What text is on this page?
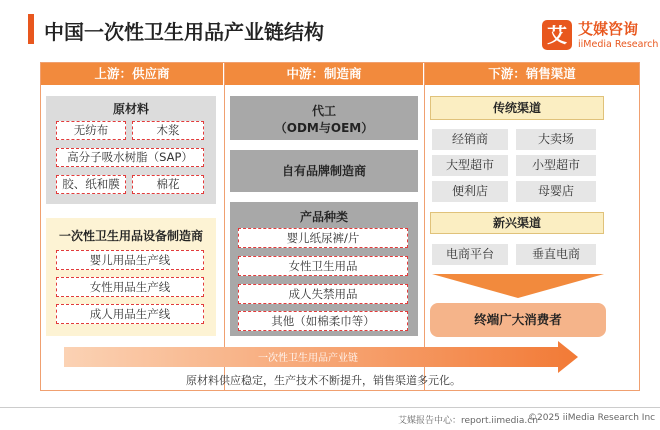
中国一次性卫生用品产业链结构	艾 艾媒咨询
iiMedia Research
上游：供应商	中游：制造商	下游：销售渠道
原材料
无纺布	木浆
高分子吸水树脂（SAP）
胶、纸和膜	棉花
一次性卫生用品设备制造商
婴儿用品生产线
女性用品生产线
成人用品生产线
代工
（ODM与OEM）
自有品牌制造商
产品种类
婴儿纸尿裤/片
女性卫生用品
成人失禁用品
其他（如棉柔巾等）
传统渠道
经销商	大卖场
大型超市	小型超市
便利店	母婴店
新兴渠道
电商平台	垂直电商
终端广大消费者
一次性卫生用品产业链
原材料供应稳定，生产技术不断提升，销售渠道多元化。
艾媒报告中心：report.iimedia.cn
©2025 iiMedia Research Inc
